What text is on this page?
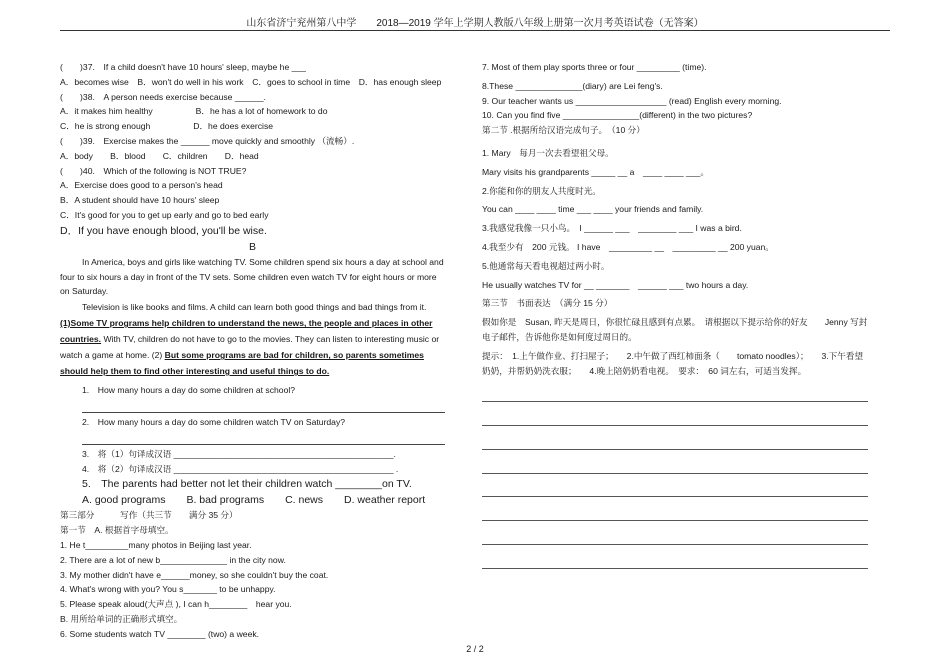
山东省济宁兖州第八中学　　2018—2019 学年上学期人教版八年级上册第一次月考英语试卷（无答案）
(　　)37.　If a child doesn't have 10 hours' sleep, maybe he ___
A．becomes wise　B．won't do well in his work　C．goes to school in time　D．has enough sleep
(　　)38.　A person needs exercise because ______.
A．it makes him healthy　　　　　B．he has a lot of homework to do
C．he is strong enough　　　　　D．he does exercise
(　　)39.　Exercise makes the ______ move quickly and smoothly （流畅）.
A．body　　B．blood　　C．children　　D．head
(　　)40.　Which of the following is NOT TRUE?
A．Exercise does good to a person's head
B．A student should have 10 hours' sleep
C．It's good for you to get up early and go to bed early
D．If you have enough blood, you'll be wise.
B
In America, boys and girls like watching TV. Some children spend six hours a day at school and four to six hours a day in front of the TV sets. Some children even watch TV for eight hours or more on Saturday.
Television is like books and films. A child can learn both good things and bad things from it. (1)Some TV programs help children to understand the news, the people and places in other countries. With TV, children do not have to go to the movies. They can listen to interesting music or watch a game at home. (2) But some programs are bad for children, so parents sometimes should help them to find other interesting and useful things to do.
1.　How many hours a day do some children at school?
2.　How many hours a day do some children watch TV on Saturday?
3.　将（1）句译成汉语 ______________________________________________.
4.　将（2）句译成汉语 ______________________________________________ .
5.　The parents had better not let their children watch ________on TV.
A. good programs　　B. bad programs　　C. news　　D. weather report
第三部分　　　写作（共三节　　满分 35 分）
第一节　A. 根据首字母填空。
1. He t_________many photos in Beijing last year.
2. There are a lot of new b______________ in the city now.
3. My mother didn't have e______money, so she couldn't buy the coat.
4. What's wrong with you? You s_______ to be unhappy.
5. Please speak aloud(大声点 ), I can h________　hear you.
B. 用所给单词的正确形式填空。
6. Some students watch TV ________ (two) a week.
7. Most of them play sports three or four _________ (time).
8.These ______________(diary) are Lei feng's.
9. Our teacher wants us ___________________ (read) English every morning.
10. Can you find five ________________(different) in the two pictures?
第二节 .根据所给汉语完成句子。　（10 分）
1. Mary　每月一次去看望祖父母。
Mary visits his grandparents _____ __ a　____ ____ ___。
2.你能和你的朋友人共度时光。
You can ____ ____ time ___ ____ your friends and family.
3.我感觉我像一只小鸟。　I ______ ___　________ ___ I was a bird.
4.我至少有　200 元钱。 I have　_________ __　_________ __ 200 yuan。
5.他通常每天看电视超过两小时。
He usually watches TV for __ _______　______ ___ two hours a day.
第三节　书面表达　（满分 15 分）
假如你是　Susan, 昨天是周日，你很忙碌且感到有点累。　请根据以下提示给你的好友　　Jenny 写封电子邮件，告诉他你是如何度过周日的。
提示：　1.上午做作业、打扫屋子；　　2.中午做了西红柿面条（　　tomato noodles）；　　3.下午看望奶奶，并帮奶奶洗衣服；　　4.晚上陪奶奶看电视。　要求：　60 词左右，可适当发挥。
2 / 2
